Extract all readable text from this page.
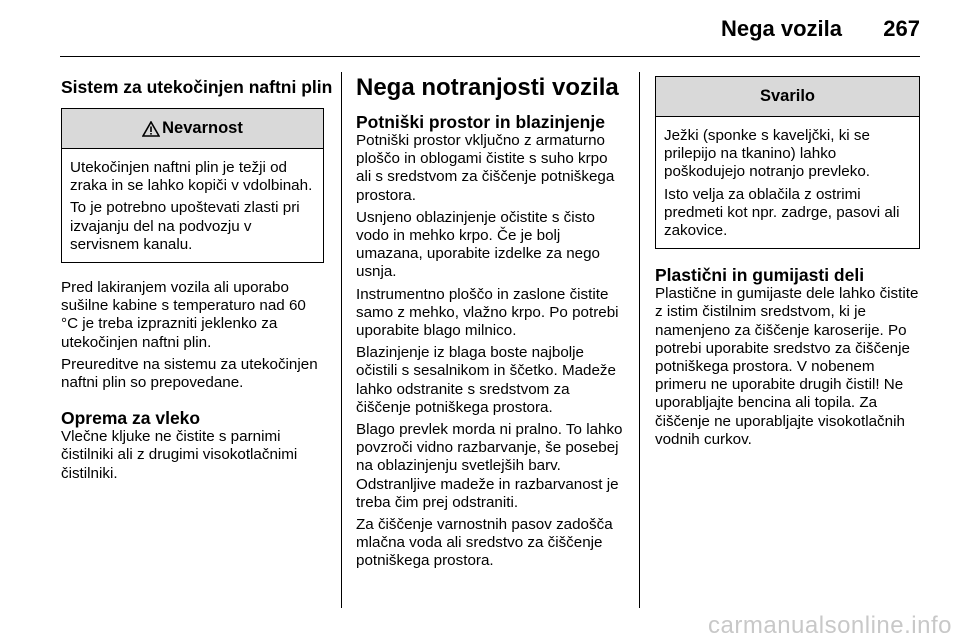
Nega vozila 267
Sistem za utekočinjen naftni plin
Nevarnost

Utekočinjen naftni plin je težji od zraka in se lahko kopiči v vdolbinah.

To je potrebno upoštevati zlasti pri izvajanju del na podvozju v servisnem kanalu.

Pred lakiranjem vozila ali uporabo sušilne kabine s temperaturo nad 60 °C je treba izprazniti jeklenko za utekočinjen naftni plin.

Preureditve na sistemu za utekočinjen naftni plin so prepovedane.

Oprema za vleko

Vlečne kljuke ne čistite s parnimi čistilniki ali z drugimi visokotlačnimi čistilniki.

Nega notranjosti vozila
Potniški prostor in blazinjenje

Potniški prostor vključno z armaturno ploščo in oblogami čistite s suho krpo ali s sredstvom za čiščenje potniškega prostora.

Usnjeno oblazinjenje očistite s čisto vodo in mehko krpo. Če je bolj umazana, uporabite izdelke za nego usnja.

Instrumentno ploščo in zaslone čistite samo z mehko, vlažno krpo. Po potrebi uporabite blago milnico.

Blazinjenje iz blaga boste najbolje očistili s sesalnikom in ščetko. Madeže lahko odstranite s sredstvom za čiščenje potniškega prostora.

Blago prevlek morda ni pralno. To lahko povzroči vidno razbarvanje, še posebej na oblazinjenju svetlejših barv. Odstranljive madeže in razbarvanost je treba čim prej odstraniti.

Za čiščenje varnostnih pasov zadošča mlačna voda ali sredstvo za čiščenje potniškega prostora.

Svarilo

Ježki (sponke s kaveljčki, ki se prilepijo na tkanino) lahko poškodujejo notranjo prevleko.

Isto velja za oblačila z ostrimi predmeti kot npr. zadrge, pasovi ali zakovice.

Plastični in gumijasti deli

Plastične in gumijaste dele lahko čistite z istim čistilnim sredstvom, ki je namenjeno za čiščenje karoserije. Po potrebi uporabite sredstvo za čiščenje potniškega prostora. V nobenem primeru ne uporabite drugih čistil! Ne uporabljajte bencina ali topila. Za čiščenje ne uporabljajte visokotlačnih vodnih curkov.

carmanualsonline.info
